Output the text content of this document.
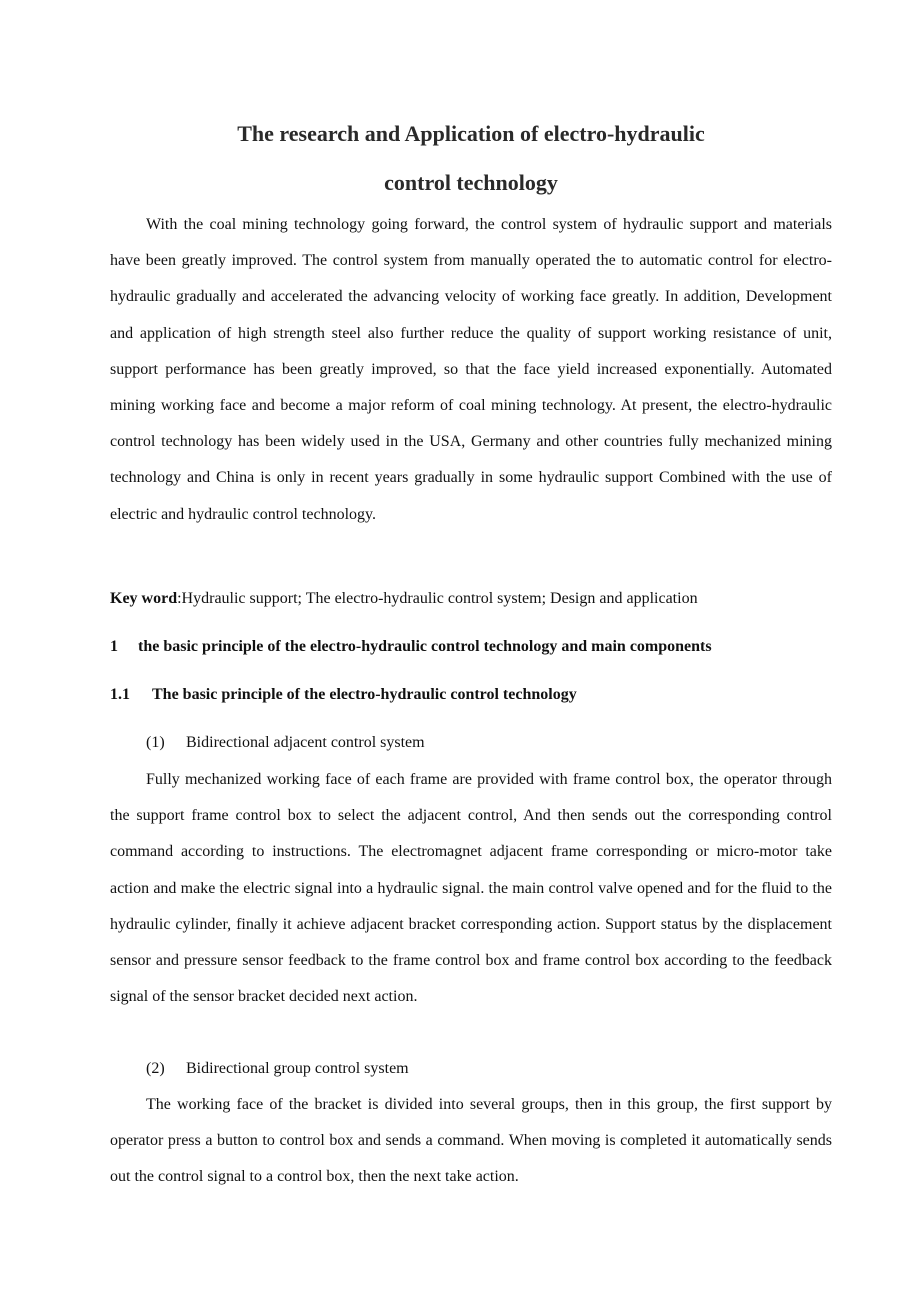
The research and Application of electro-hydraulic
control technology

With the coal mining technology going forward, the control system of hydraulic support and materials have been greatly improved. The control system from manually operated the to automatic control for electro-hydraulic gradually and accelerated the advancing velocity of working face greatly. In addition, Development and application of high strength steel also further reduce the quality of support working resistance of unit, support performance has been greatly improved, so that the face yield increased exponentially. Automated mining working face and become a major reform of coal mining technology. At present, the electro-hydraulic control technology has been widely used in the USA, Germany and other countries fully mechanized mining technology and China is only in recent years gradually in some hydraulic support Combined with the use of electric and hydraulic control technology.

Key word:Hydraulic support; The electro-hydraulic control system; Design and application

1 the basic principle of the electro-hydraulic control technology and main components

1.1 The basic principle of the electro-hydraulic control technology

(1) Bidirectional adjacent control system

Fully mechanized working face of each frame are provided with frame control box, the operator through the support frame control box to select the adjacent control, And then sends out the corresponding control command according to instructions. The electromagnet adjacent frame corresponding or micro-motor take action and make the electric signal into a hydraulic signal. the main control valve opened and for the fluid to the hydraulic cylinder, finally it achieve adjacent bracket corresponding action. Support status by the displacement sensor and pressure sensor feedback to the frame control box and frame control box according to the feedback signal of the sensor bracket decided next action.

(2) Bidirectional group control system

The working face of the bracket is divided into several groups, then in this group, the first support by operator press a button to control box and sends a command. When moving is completed it automatically sends out the control signal to a control box, then the next take action.
